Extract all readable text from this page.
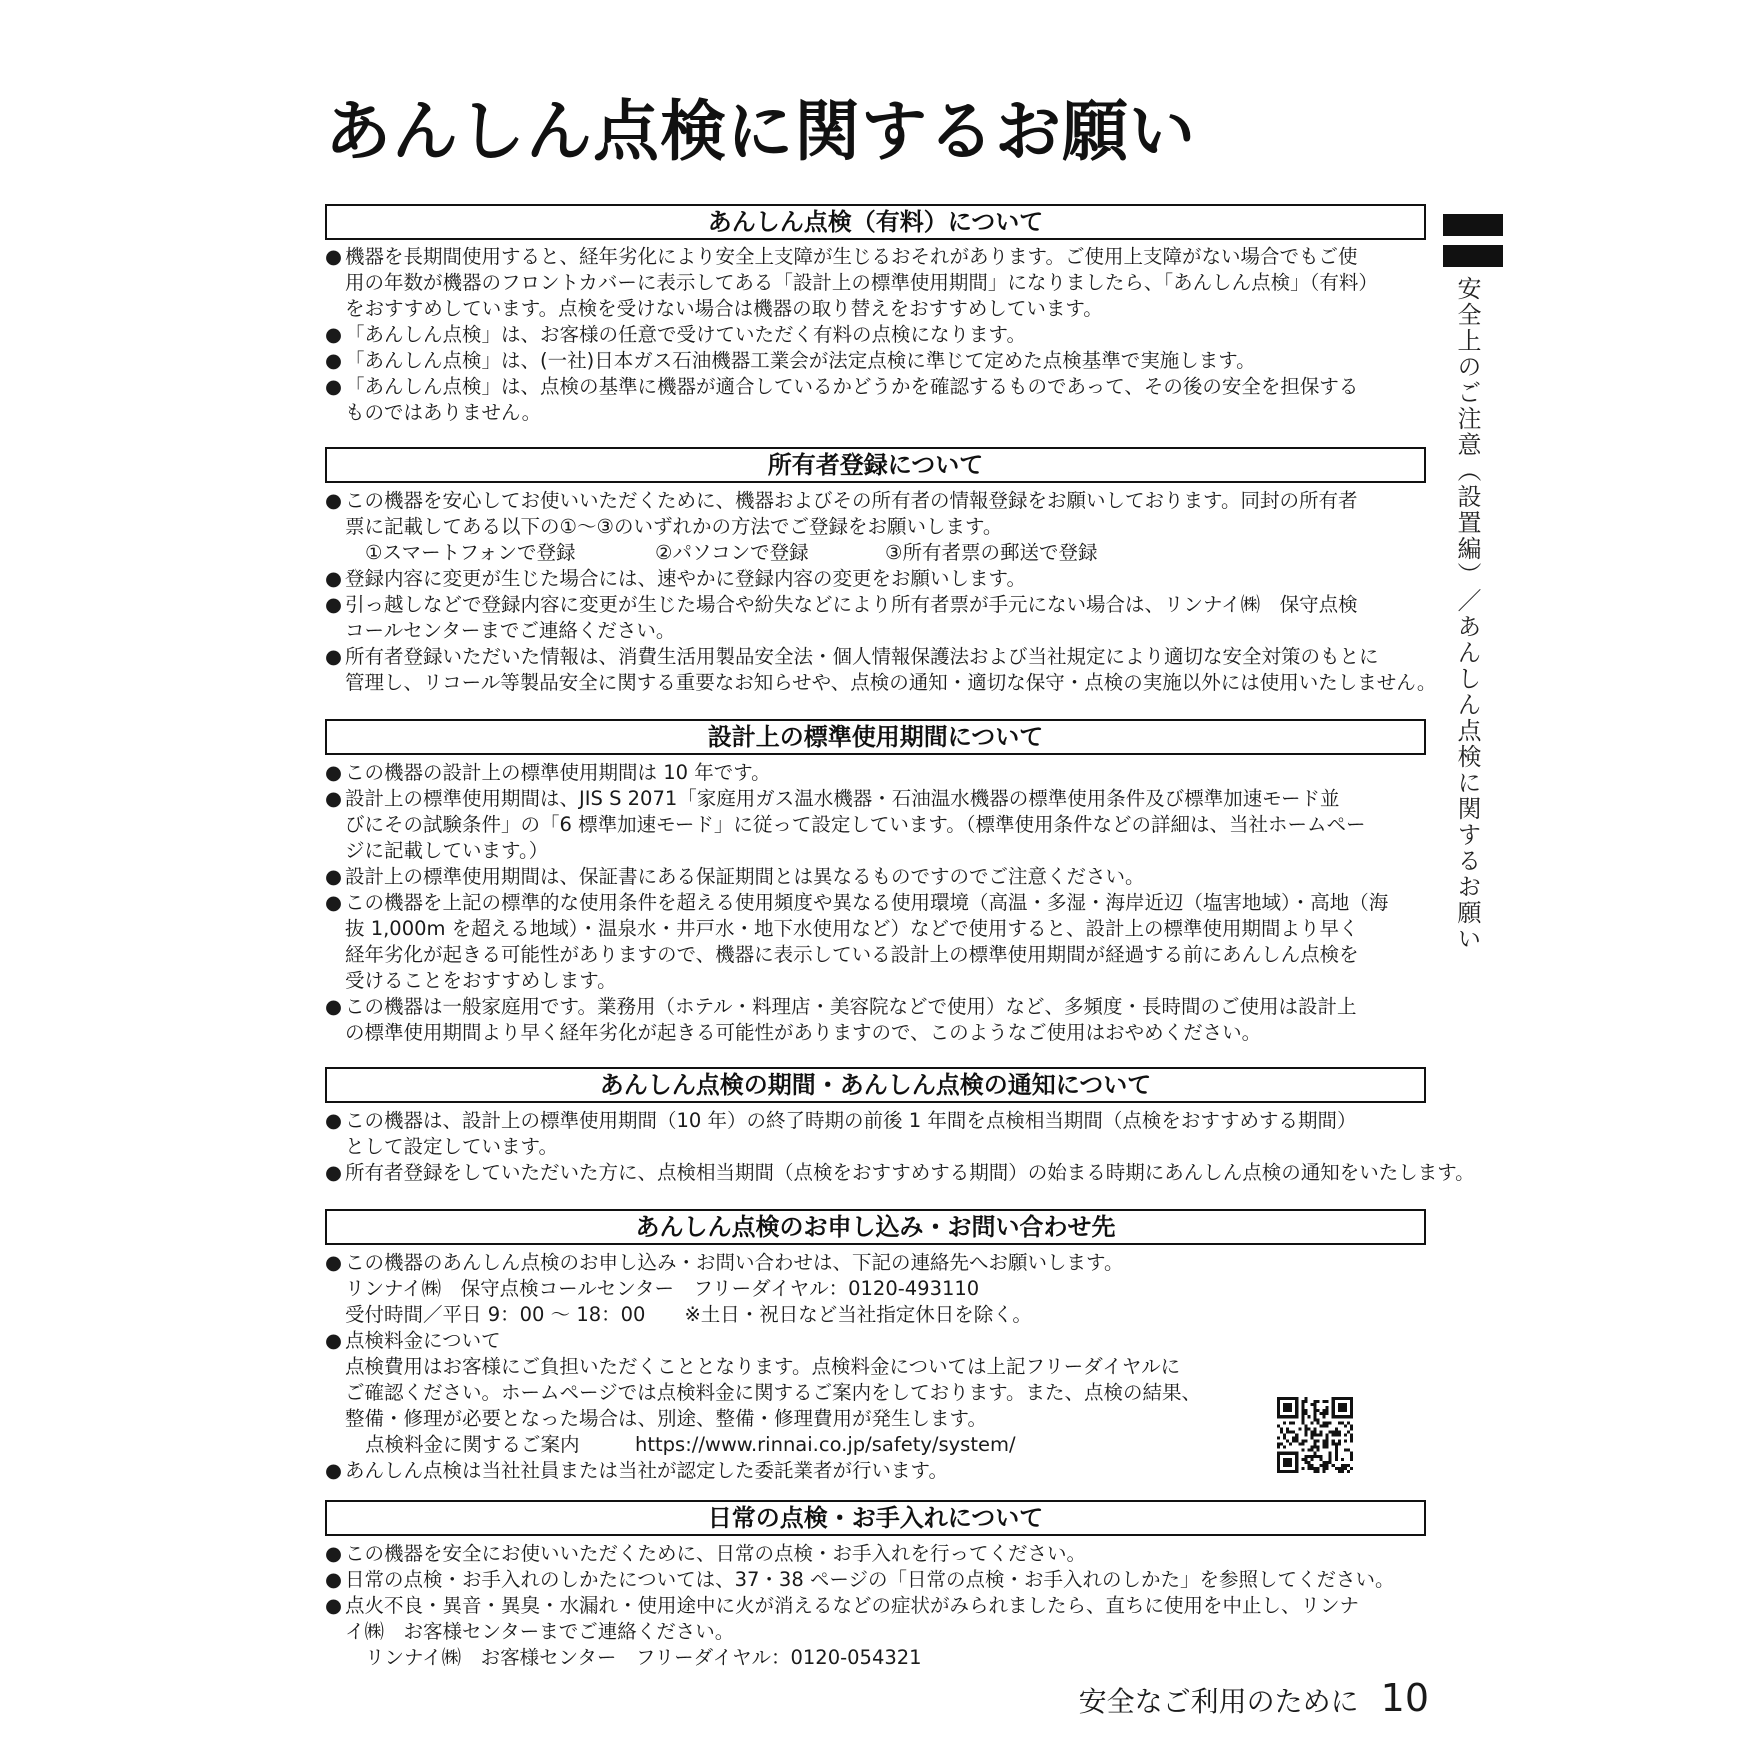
あんしん点検に関するお願い
安全上のご注意（設置編）／あんしん点検に関するお願い
あんしん点検（有料）について
● 機器を長期間使用すると、経年劣化により安全上支障が生じるおそれがあります。ご使用上支障がない場合でもご使
用の年数が機器のフロントカバーに表示してある「設計上の標準使用期間」になりましたら、「あんしん点検」（有料）
をおすすめしています。点検を受けない場合は機器の取り替えをおすすめしています。
● 「あんしん点検」は、お客様の任意で受けていただく有料の点検になります。
● 「あんしん点検」は、(一社)日本ガス石油機器工業会が法定点検に準じて定めた点検基準で実施します。
● 「あんしん点検」は、点検の基準に機器が適合しているかどうかを確認するものであって、その後の安全を担保する
ものではありません。
所有者登録について
● この機器を安心してお使いいただくために、機器およびその所有者の情報登録をお願いしております。同封の所有者
票に記載してある以下の①～③のいずれかの方法でご登録をお願いします。
①スマートフォンで登録	②パソコンで登録	③所有者票の郵送で登録
● 登録内容に変更が生じた場合には、速やかに登録内容の変更をお願いします。
● 引っ越しなどで登録内容に変更が生じた場合や紛失などにより所有者票が手元にない場合は、リンナイ㈱　保守点検
コールセンターまでご連絡ください。
● 所有者登録いただいた情報は、消費生活用製品安全法・個人情報保護法および当社規定により適切な安全対策のもとに
管理し、リコール等製品安全に関する重要なお知らせや、点検の通知・適切な保守・点検の実施以外には使用いたしません。
設計上の標準使用期間について
● この機器の設計上の標準使用期間は 10 年です。
● 設計上の標準使用期間は、JIS S 2071「家庭用ガス温水機器・石油温水機器の標準使用条件及び標準加速モード並
びにその試験条件」の「6 標準加速モード」に従って設定しています。（標準使用条件などの詳細は、当社ホームペー
ジに記載しています。）
● 設計上の標準使用期間は、保証書にある保証期間とは異なるものですのでご注意ください。
● この機器を上記の標準的な使用条件を超える使用頻度や異なる使用環境（高温・多湿・海岸近辺（塩害地域）・高地（海
抜 1,000m を超える地域）・温泉水・井戸水・地下水使用など）などで使用すると、設計上の標準使用期間より早く
経年劣化が起きる可能性がありますので、機器に表示している設計上の標準使用期間が経過する前にあんしん点検を
受けることをおすすめします。
● この機器は一般家庭用です。業務用（ホテル・料理店・美容院などで使用）など、多頻度・長時間のご使用は設計上
の標準使用期間より早く経年劣化が起きる可能性がありますので、このようなご使用はおやめください。
あんしん点検の期間・あんしん点検の通知について
● この機器は、設計上の標準使用期間（10 年）の終了時期の前後 1 年間を点検相当期間（点検をおすすめする期間）
として設定しています。
● 所有者登録をしていただいた方に、点検相当期間（点検をおすすめする期間）の始まる時期にあんしん点検の通知をいたします。
あんしん点検のお申し込み・お問い合わせ先
● この機器のあんしん点検のお申し込み・お問い合わせは、下記の連絡先へお願いします。
リンナイ㈱　保守点検コールセンター　フリーダイヤル：0120-493110
受付時間／平日 9：00 ～ 18：00　　※土日・祝日など当社指定休日を除く。
● 点検料金について
点検費用はお客様にご負担いただくこととなります。点検料金については上記フリーダイヤルに
ご確認ください。ホームページでは点検料金に関するご案内をしております。また、点検の結果、
整備・修理が必要となった場合は、別途、整備・修理費用が発生します。
点検料金に関するご案内	https://www.rinnai.co.jp/safety/system/
● あんしん点検は当社社員または当社が認定した委託業者が行います。
日常の点検・お手入れについて
● この機器を安全にお使いいただくために、日常の点検・お手入れを行ってください。
● 日常の点検・お手入れのしかたについては、37・38 ページの「日常の点検・お手入れのしかた」を参照してください。
● 点火不良・異音・異臭・水漏れ・使用途中に火が消えるなどの症状がみられましたら、直ちに使用を中止し、リンナ
イ㈱　お客様センターまでご連絡ください。
リンナイ㈱　お客様センター　フリーダイヤル：0120-054321
安全なご利用のために 10
